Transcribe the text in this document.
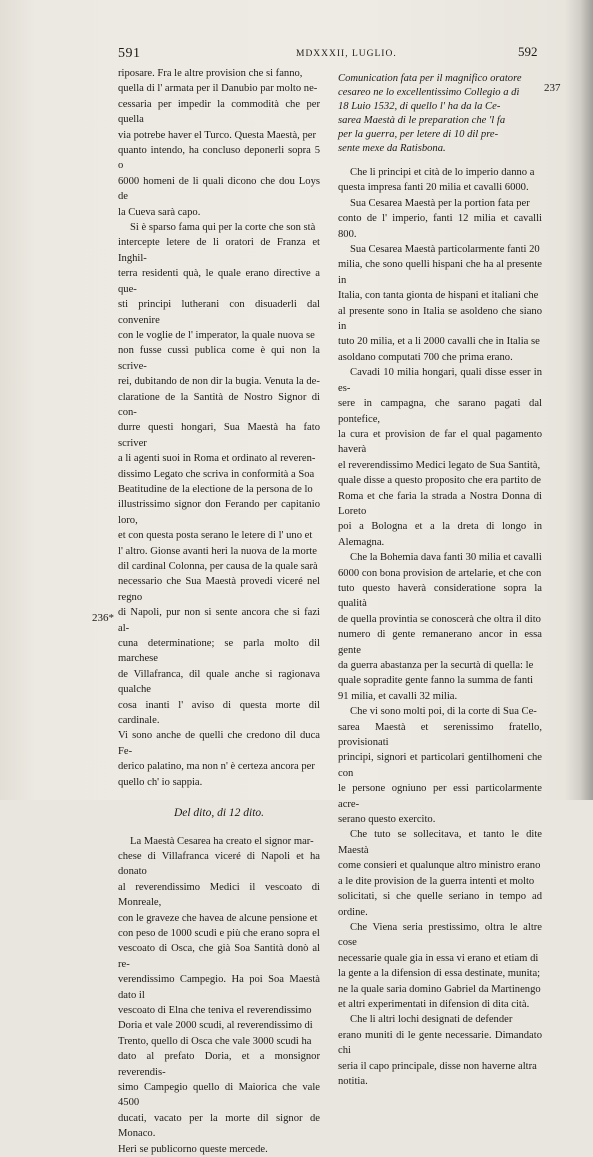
591	MDXXXII, LUGLIO.	592

riposare. Fra le altre provision che si fanno,
quella di l' armata per il Danubio par molto ne-
cessaria per impedir la commodità che per quella
via potrebe haver el Turco. Questa Maestà, per
quanto intendo, ha concluso deponerli sopra 5 o
6000 homeni de li quali dicono che dou Loys de
la Cueva sarà capo.

Si è sparso fama qui per la corte che son stà
intercepte letere de li oratori de Franza et Inghil-
terra residenti quà, le quale erano directive a que-
sti principi lutherani con disuaderli dal convenire
con le voglie de l' imperator, la quale nuova se
non fusse cussì publica come è qui non la scrive-
rei, dubitando de non dir la bugia. Venuta la de-
claratione de la Santità de Nostro Signor di con-
durre questi hongari, Sua Maestà ha fato scriver
a li agenti suoi in Roma et ordinato al reveren-
dissimo Legato che scriva in conformità a Soa
Beatitudine de la electione de la persona de lo
illustrissimo signor don Ferando per capitanio loro,
et con questa posta serano le letere di l' uno et
l' altro. Gionse avanti heri la nuova de la morte
dil cardinal Colonna, per causa de la quale sarà
necessario che Sua Maestà provedi viceré nel regno
di Napoli, pur non si sente ancora che si fazi al-
cuna determinatione; se parla molto dil marchese
de Villafranca, dil quale anche si ragionava qualche
cosa inanti l' aviso di questa morte dil cardinale.
Vi sono anche de quelli che credono dil duca Fe-
derico palatino, ma non n' è certeza ancora per
quello ch' io sappia.

Del dito, di 12 dito.

La Maestà Cesarea ha creato el signor mar-
chese di Villafranca viceré di Napoli et ha donato
al reverendissimo Medici il vescoato di Monreale,
con le graveze che havea de alcune pensione et
con peso de 1000 scudi e più che erano sopra el
vescoato di Osca, che già Soa Santità donò al re-
verendissimo Campegio. Ha poi Soa Maestà dato il
vescoato di Elna che teniva el reverendissimo
Doria et vale 2000 scudi, al reverendissimo di
Trento, quello di Osca che vale 3000 scudi ha
dato al prefato Doria, et a monsignor reverendis-
simo Campegio quello di Maiorica che vale 4500
ducati, vacato per la morte dil signor de Monaco.
Heri se publicorno queste mercede.

Comunication fata per il magnifico oratore
cesareo ne lo excellentissimo Collegio a dì
18 Luio 1532, di quello l' ha da la Ce-
sarea Maestà di le preparation che 'l fa
per la guerra, per letere di 10 dil pre-
sente mexe da Ratisbona.

Che li principi et cità de lo imperio danno a
questa impresa fanti 20 milia et cavalli 6000.

Sua Cesarea Maestà per la portion fata per
conto de l' imperio, fanti 12 milia et cavalli 800.

Sua Cesarea Maestà particolarmente fanti 20
milia, che sono quelli hispani che ha al presente in
Italia, con tanta gionta de hispani et italiani che
al presente sono in Italia se asoldeno che siano in
tuto 20 milia, et a li 2000 cavalli che in Italia se
asoldano computati 700 che prima erano.

Cavadi 10 milia hongari, quali disse esser in es-
sere in campagna, che sarano pagati dal pontefice,
la cura et provision de far el qual pagamento haverà
el reverendissimo Medici legato de Sua Santità,
quale disse a questo proposito che era partito de
Roma et che faria la strada a Nostra Donna di Loreto
poi a Bologna et a la dreta di longo in Alemagna.

Che la Bohemia dava fanti 30 milia et cavalli
6000 con bona provision de artelarie, et che con
tuto questo haverà consideratione sopra la qualità
de quella provintia se conoscerà che oltra il dito
numero di gente remanerano ancor in essa gente
da guerra abastanza per la securtà di quella: le
quale sopradite gente fanno la summa de fanti
91 milia, et cavalli 32 milia.

Che vi sono molti poi, di la corte di Sua Ce-
sarea Maestà et serenissimo fratello, provisionati
principi, signori et particolari gentilhomeni che con
le persone ogniuno per essi particolarmente acre-
serano questo exercito.

Che tuto se sollecitava, et tanto le dite Maestà
come consieri et qualunque altro ministro erano
a le dite provision de la guerra intenti et molto
solicitati, si che quelle seriano in tempo ad ordine.

Che Viena seria prestissimo, oltra le altre cose
necessarie quale gia in essa vi erano et etiam di
la gente a la difension di essa destinate, munita;
ne la quale saria domino Gabriel da Martinengo
et altri experimentati in difension di dita cità.

Che li altri lochi designati de defender
erano muniti di le gente necessarie. Dimandato chi
seria il capo principale, disse non haverne altra
notitia.

237
236*
